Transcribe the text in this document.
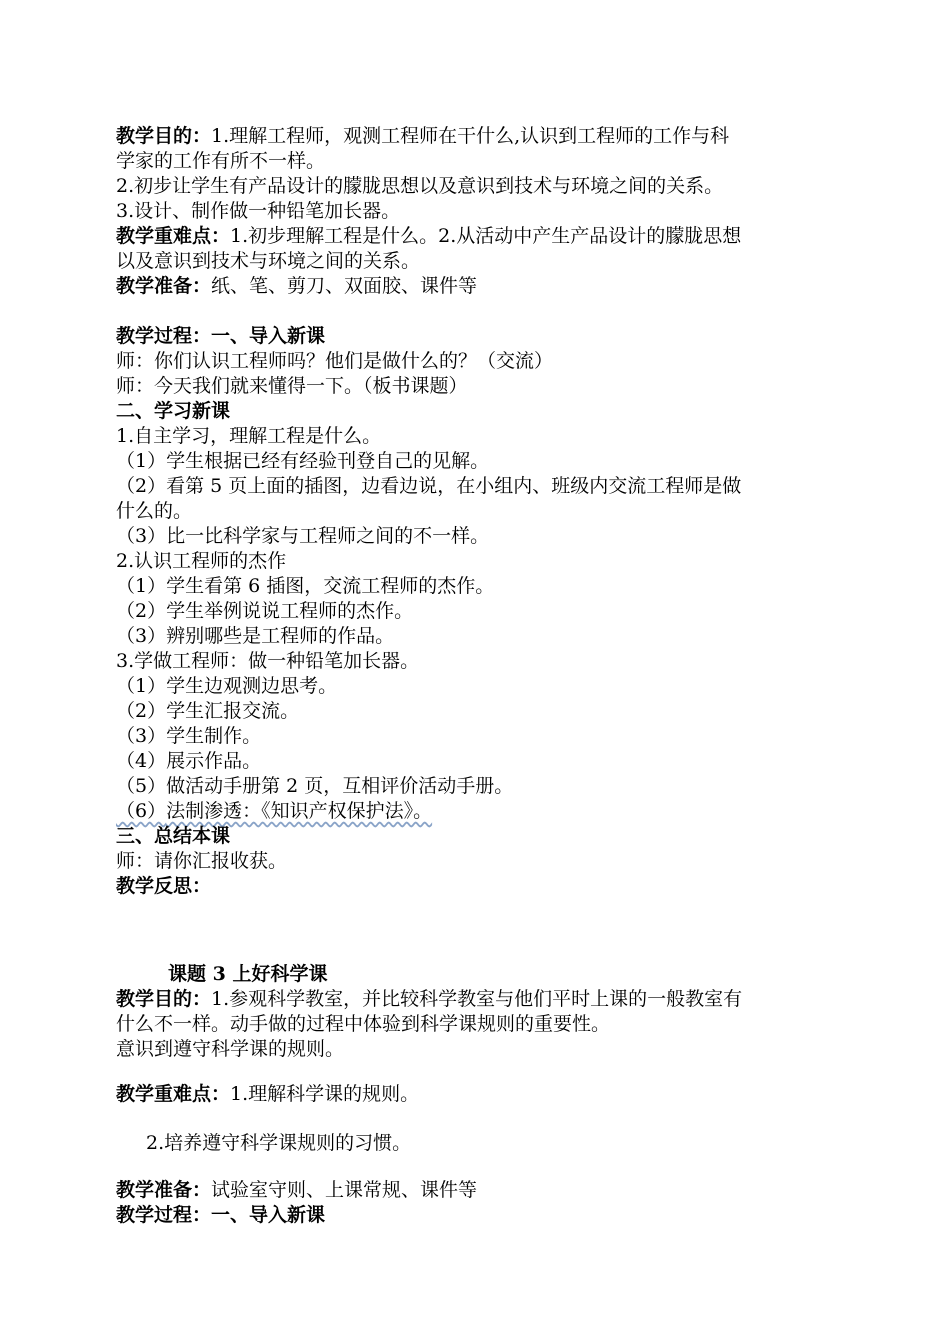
教学目的：1.理解工程师，观测工程师在干什么,认识到工程师的工作与科
学家的工作有所不一样。
2.初步让学生有产品设计的朦胧思想以及意识到技术与环境之间的关系。
3.设计、制作做一种铅笔加长器。
教学重难点：1.初步理解工程是什么。2.从活动中产生产品设计的朦胧思想
以及意识到技术与环境之间的关系。
教学准备：纸、笔、剪刀、双面胶、课件等
教学过程：一、导入新课
师：你们认识工程师吗？他们是做什么的？（交流）
师：今天我们就来懂得一下。（板书课题）
二、学习新课
1.自主学习，理解工程是什么。
（1）学生根据已经有经验刊登自己的见解。
（2）看第 5 页上面的插图，边看边说，在小组内、班级内交流工程师是做
什么的。
（3）比一比科学家与工程师之间的不一样。
2.认识工程师的杰作
（1）学生看第 6 插图，交流工程师的杰作。
（2）学生举例说说工程师的杰作。
（3）辨别哪些是工程师的作品。
3.学做工程师：做一种铅笔加长器。
（1）学生边观测边思考。
（2）学生汇报交流。
（3）学生制作。
（4）展示作品。
（5）做活动手册第 2 页，互相评价活动手册。
（6）法制渗透：《知识产权保护法》。
三、总结本课
师：请你汇报收获。
教学反思：
课题 3 上好科学课
教学目的：1.参观科学教室，并比较科学教室与他们平时上课的一般教室有
什么不一样。动手做的过程中体验到科学课规则的重要性。
意识到遵守科学课的规则。
教学重难点：1.理解科学课的规则。
2.培养遵守科学课规则的习惯。
教学准备：试验室守则、上课常规、课件等
教学过程：一、导入新课
